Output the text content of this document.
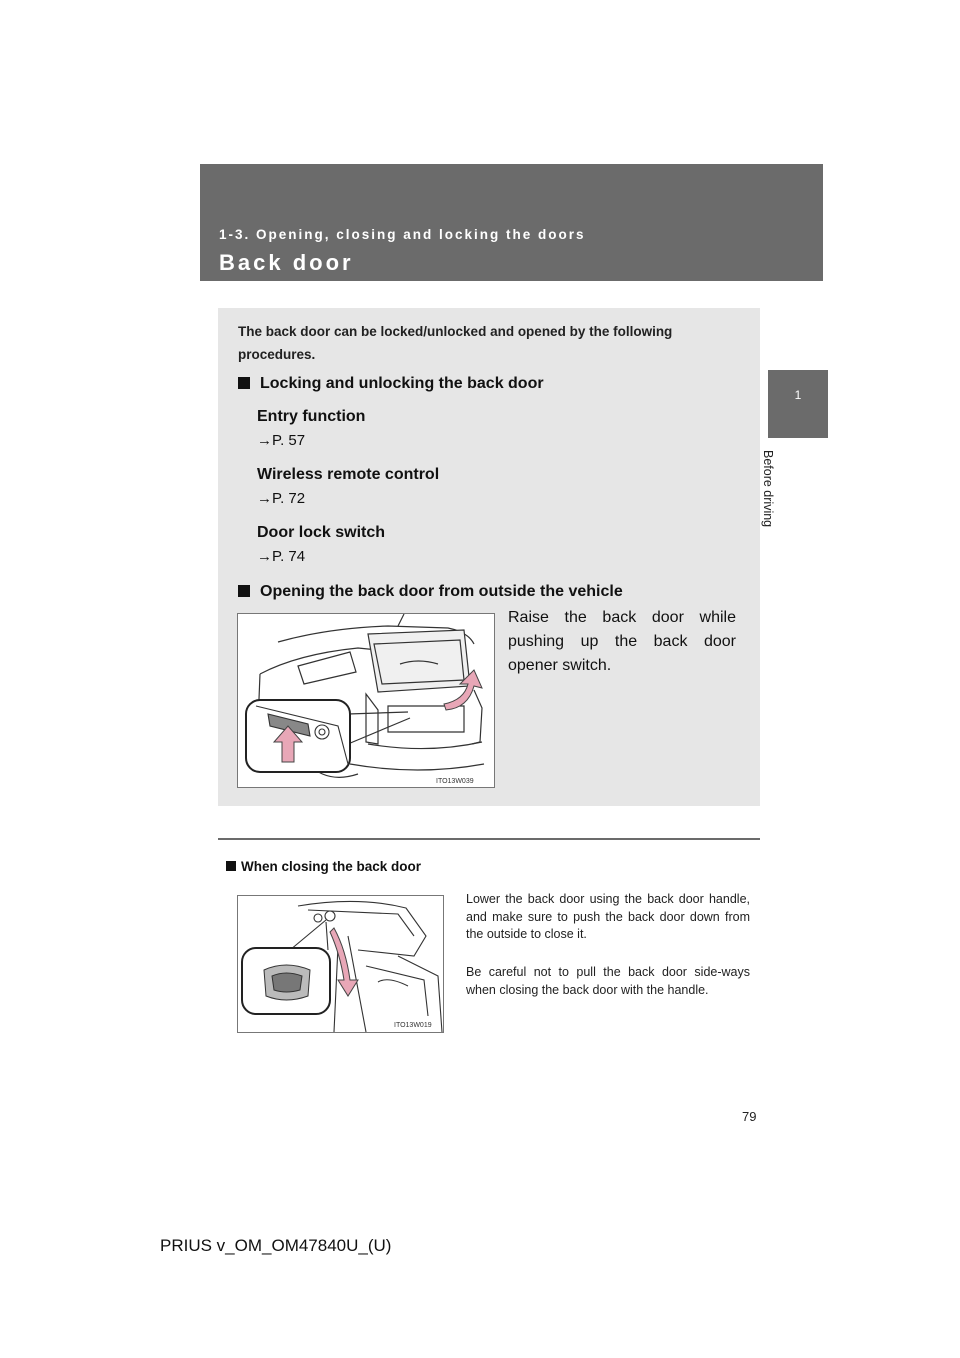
1-3. Opening, closing and locking the doors
Back door
1
Before driving
The back door can be locked/unlocked and opened by the following procedures.
Locking and unlocking the back door
Entry function
→P. 57
Wireless remote control
→P. 72
Door lock switch
→P. 74
Opening the back door from outside the vehicle
Raise the back door while pushing up the back door opener switch.
ITO13W039
When closing the back door
ITO13W019

Lower the back door using the back door handle, and make sure to push the back door down from the outside to close it.

Be careful not to pull the back door side-ways when closing the back door with the handle.

79
PRIUS v_OM_OM47840U_(U)
